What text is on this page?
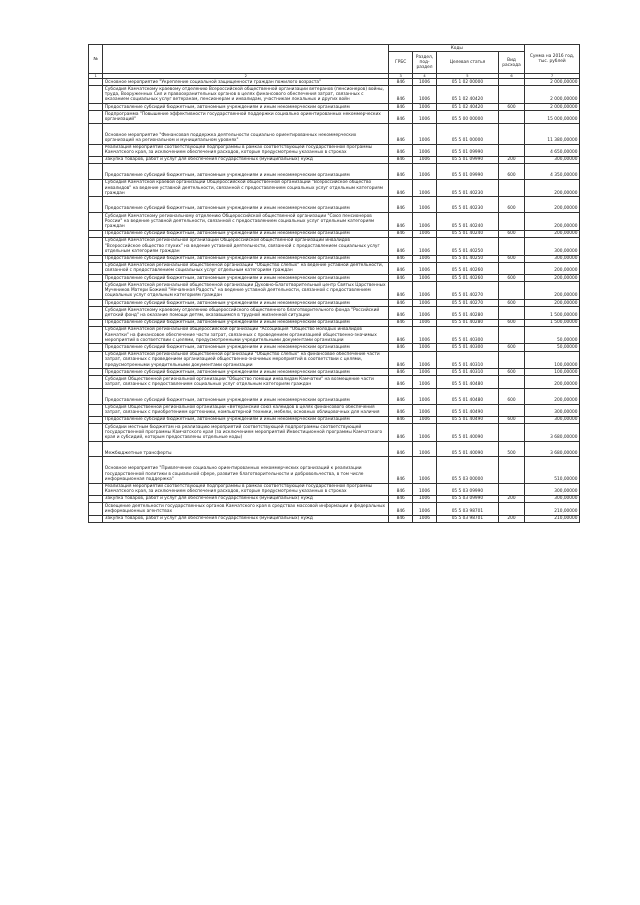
№		Коды				Сумма на 2016 год, тыс. рублей
		ГРБС	Раздел, под- раздел	Целевая статья	Вид расхода	
1	2	3	4	5	6	7
	Основное мероприятие "Укрепление социальной защищенности граждан пожилого возраста"	846	1006	05 1 02 00000		2 000,00000
	Субсидия Камчатскому краевому отделению Всероссийской общественной организации ветеранов (пенсионеров) войны, труда, Вооруженных Сил и правоохранительных органов в целях финансового обеспечения затрат, связанных с оказанием социальных услуг ветеранам, пенсионерам и инвалидам, участникам локальных и других войн	846	1006	05 1 02 40420		2 000,00000
	Предоставление субсидий бюджетным, автономным учреждениям и иным некоммерческим организациям	846	1006	05 1 02 40420	600	2 000,00000
	Подпрограмма "Повышение эффективности государственной поддержки социально ориентированных некоммерческих организаций"	846	1006	05 5 00 00000		15 000,00000
	Основное мероприятие "Финансовая поддержка деятельности социально ориентированных некоммерческих организаций на региональном и муниципальном уровнях"	846	1006	05 5 01 00000		11 380,00000
	Реализация мероприятий соответствующей подпрограммы в рамках соответствующей государственной программы Камчатского края, за исключением обеспечения расходов, которые предусмотрены указанных в строках	846	1006	05 5 01 09990		4 650,00000
	Закупка товаров, работ и услуг для обеспечения государственных (муниципальных) нужд	846	1006	05 5 01 09990	200	300,00000
	Предоставление субсидий бюджетным, автономным учреждениям и иным некоммерческим организациям	846	1006	05 5 01 09990	600	4 350,00000
	Субсидия Камчатской краевой организации Общероссийской общественной организации "Всероссийское общество инвалидов" на ведение уставной деятельности, связанной с предоставлением социальных услуг отдельным категориям граждан	846	1006	05 5 01 40230		200,00000
	Предоставление субсидий бюджетным, автономным учреждениям и иным некоммерческим организациям	846	1006	05 5 01 40230	600	200,00000
	Субсидия Камчатскому региональному отделению Общероссийской общественной организации "Союз пенсионеров России" на ведение уставной деятельности, связанной с предоставлением социальных услуг отдельным категориям граждан	846	1006	05 5 01 40240		200,00000
	Предоставление субсидий бюджетным, автономным учреждениям и иным некоммерческим организациям	846	1006	05 5 01 40240	600	200,00000
	Субсидия Камчатской региональной организации Общероссийской общественной организации инвалидов "Всероссийское общество глухих" на ведение уставной деятельности, связанной с предоставлением социальных услуг отдельным категориям граждан	846	1006	05 5 01 40250		300,00000
	Предоставление субсидий бюджетным, автономным учреждениям и иным некоммерческим организациям	846	1006	05 5 01 40250	600	300,00000
	Субсидия Камчатской региональной общественной организации "Общество слепых" на ведение уставной деятельности, связанной с предоставлением социальных услуг отдельным категориям граждан	846	1006	05 5 01 40260		200,00000
	Предоставление субсидий бюджетным, автономным учреждениям и иным некоммерческим организациям	846	1006	05 5 01 40260	600	200,00000
	Субсидия Камчатской региональной общественной организации Духовно-Благотворительный центр Святых Царственных Мучеников Матери Божией "Нечаянная Радость" на ведение уставной деятельности, связанной с предоставлением социальных услуг отдельным категориям граждан	846	1006	05 5 01 40270		200,00000
	Предоставление субсидий бюджетным, автономным учреждениям и иным некоммерческим организациям	846	1006	05 5 01 40270	600	200,00000
	Субсидия Камчатскому краевому отделению общероссийского общественного благотворительного фонда "Российский детский фонд" на оказание помощи детям, оказавшимся в трудной жизненной ситуации	846	1006	05 5 01 40280		1 500,00000
	Предоставление субсидий бюджетным, автономным учреждениям и иным некоммерческим организациям	846	1006	05 5 01 40280	600	1 500,00000
	Субсидия Камчатской региональной общероссийской организации "Ассоциация "Общество молодых инвалидов Камчатки" на финансовое обеспечение части затрат, связанных с проведением организацией общественно-значимых мероприятий в соответствии с целями, предусмотренными учредительными документами организации	846	1006	05 5 01 40300		50,00000
	Предоставление субсидий бюджетным, автономным учреждениям и иным некоммерческим организациям	846	1006	05 5 01 40300	600	50,00000
	Субсидия Камчатской региональной общественной организации "Общество слепых" на финансовое обеспечение части затрат, связанных с проведением организацией общественно-значимых мероприятий в соответствии с целями, предусмотренными учредительными документами организации	846	1006	05 5 01 40310		100,00000
	Предоставление субсидий бюджетным, автономным учреждениям и иным некоммерческим организациям	846	1006	05 5 01 40310	600	100,00000
	Субсидия Общественной региональной организации "Общество помощи инвалидам Камчатки" на возмещение части затрат, связанных с предоставлением социальных услуг отдельным категориям граждан	846	1006	05 5 01 40480		200,00000
	Предоставление субсидий бюджетным, автономным учреждениям и иным некоммерческим организациям	846	1006	05 5 01 40480	600	200,00000
	Субсидия Общественной региональной организации «Ветеранский союз калеидов в целях финансового обеспечения затрат, связанных с приобретением оргтехники, компьютерной техники, мебели, основных облицовочных для наличия	846	1006	05 5 01 40490		300,00000
	Предоставление субсидий бюджетным, автономным учреждениям и иным некоммерческим организациям	846	1006	05 5 01 40490	600	300,00000
	Субсидии местным бюджетам на реализацию мероприятий соответствующей подпрограммы соответствующей государственной программы Камчатского края (за исключением мероприятий Инвестиционной программы Камчатского края и субсидий, которым предоставлены отдельные коды)	846	1006	05 5 01 40090		3 680,00000
	Межбюджетные трансферты	846	1006	05 5 01 40090	500	3 680,00000
	Основное мероприятие "Привлечение социально ориентированных некоммерческих организаций к реализации государственной политики в социальной сфере, развитие благотворительности и добровольчества, в том числе информационная поддержка"	846	1006	05 5 03 00000		510,00000
	Реализация мероприятий соответствующей подпрограммы в рамках соответствующей государственной программы Камчатского края, за исключением обеспечения расходов, которые предусмотрены указанных в строках	846	1006	05 5 03 09990		300,00000
	Закупка товаров, работ и услуг для обеспечения государственных (муниципальных) нужд	846	1006	05 5 03 09990	200	300,00000
	Освещение деятельности государственных органов Камчатского края в средствах массовой информации и федеральных информационных агентствах	846	1006	05 5 03 98701		210,00000
	Закупка товаров, работ и услуг для обеспечения государственных (муниципальных) нужд	846	1006	05 5 03 98701	200	210,00000
